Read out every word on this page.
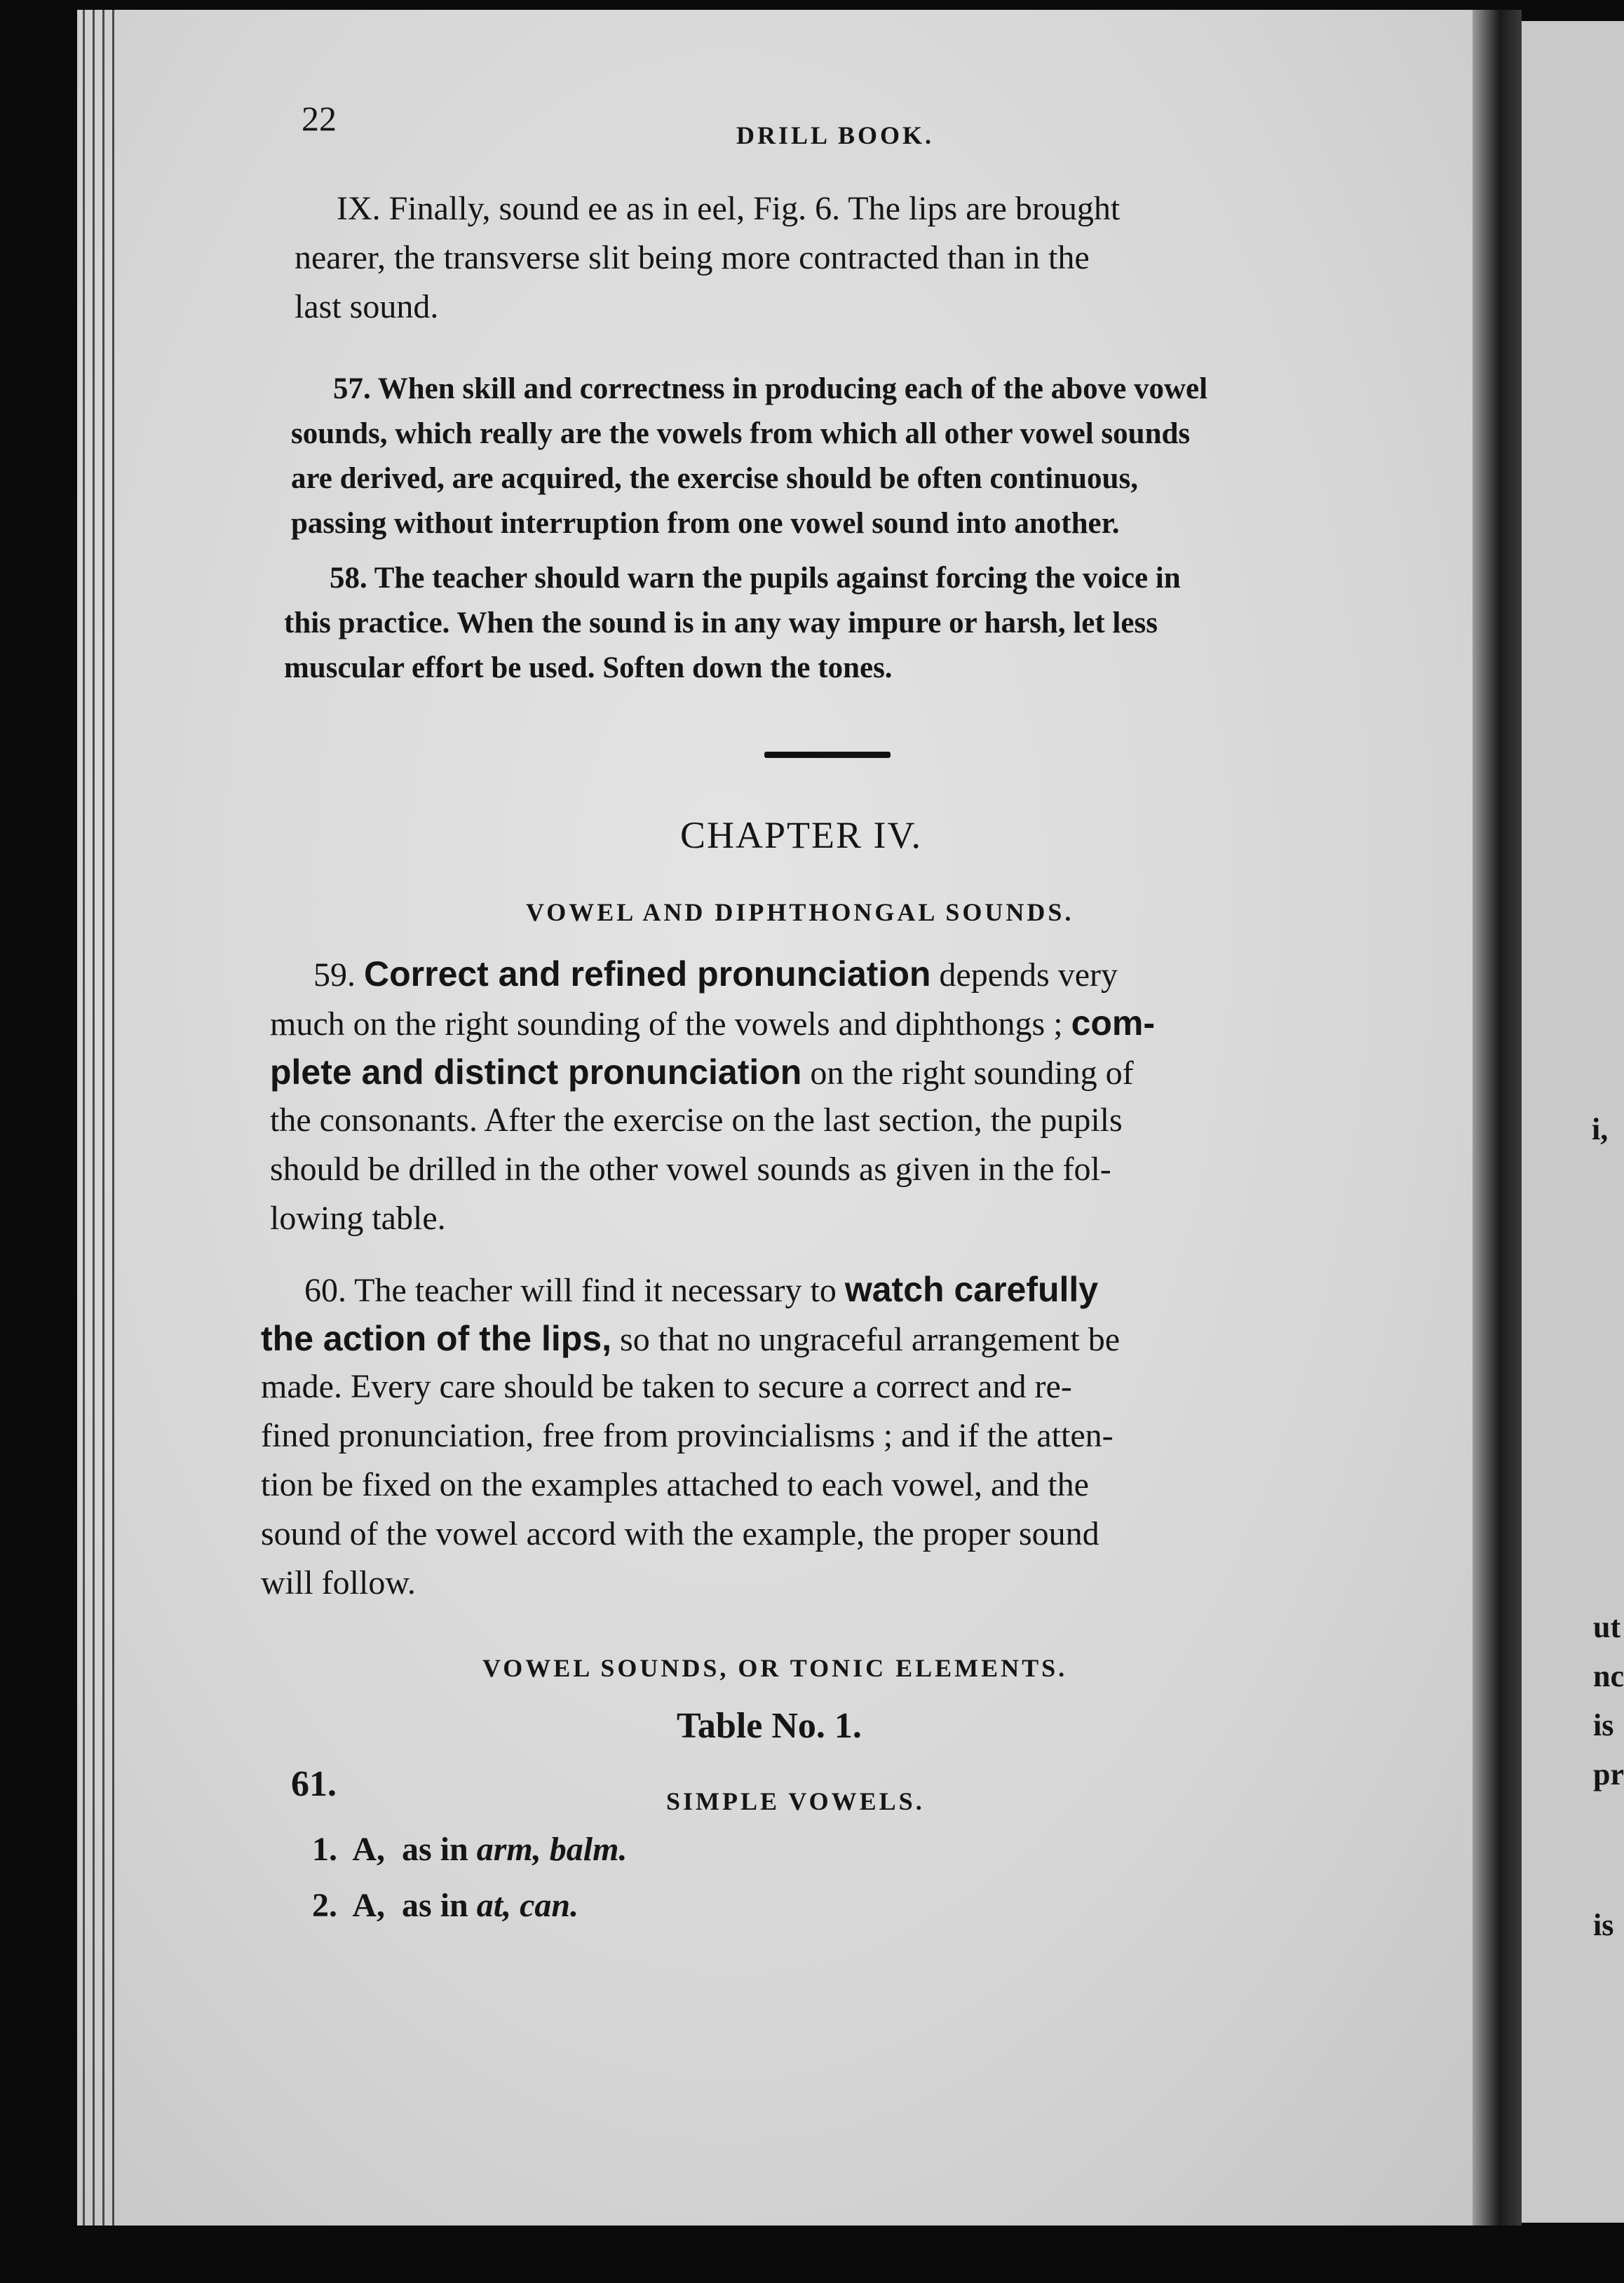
i,
ut
nc
is
pr
is
22	DRILL BOOK.
IX. Finally, sound ee as in eel, Fig. 6. The lips are brought
nearer, the transverse slit being more contracted than in the
last sound.
57. When skill and correctness in producing each of the above vowel
sounds, which really are the vowels from which all other vowel sounds
are derived, are acquired, the exercise should be often continuous,
passing without interruption from one vowel sound into another.
58. The teacher should warn the pupils against forcing the voice in
this practice. When the sound is in any way impure or harsh, let less
muscular effort be used. Soften down the tones.
CHAPTER IV.
VOWEL AND DIPHTHONGAL SOUNDS.
59. Correct and refined pronunciation depends very
much on the right sounding of the vowels and diphthongs ; com-
plete and distinct pronunciation on the right sounding of
the consonants. After the exercise on the last section, the pupils
should be drilled in the other vowel sounds as given in the fol-
lowing table.
60. The teacher will find it necessary to watch carefully
the action of the lips, so that no ungraceful arrangement be
made. Every care should be taken to secure a correct and re-
fined pronunciation, free from provincialisms ; and if the atten-
tion be fixed on the examples attached to each vowel, and the
sound of the vowel accord with the example, the proper sound
will follow.
VOWEL SOUNDS, OR TONIC ELEMENTS.
Table No. 1.
61.	SIMPLE VOWELS.
1. A, as in arm, balm.
2. A, as in at, can.
